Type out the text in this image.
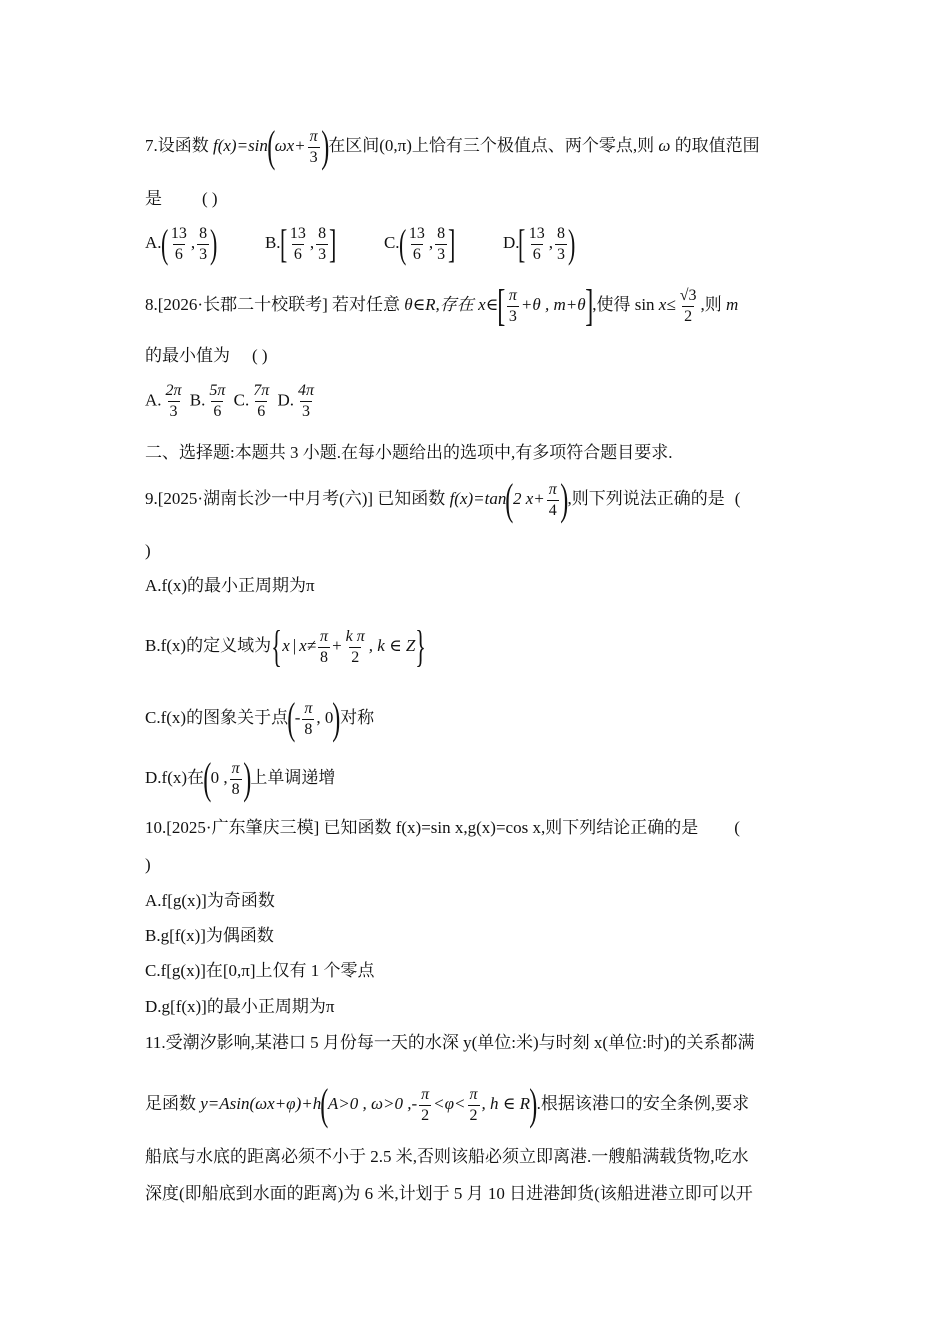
7.设函数 $f(x)=\sin(\omega x+ \frac{\pi}{3}$ )在区间(0,π)上恰有三个极值点、两个零点,则 ω 的取值范围
是 ( )
$A.( \frac{13}{6}$ , $\frac{8}{3}$ )	$B.[ \frac{13}{6}$ , $\frac{8}{3}$ ]	$C.( \frac{13}{6}$ , $\frac{8}{3}$ ]	$D.[ \frac{13}{6}$ , $\frac{8}{3}$ )
8.[2026·长郡二十校联考] 若对任意 θ∈R,存在 x∈[ $\frac{\pi}{3} +\theta$ , m+θ],使得 $\sin x\le \frac{√3}{2}$ ,则 m
的最小值为 ( )
A. $\frac{2\pi}{3} B$. $\frac{5\pi}{6} C$. $\frac{7\pi}{6} D$. $\frac{4\pi}{3}$
二、选择题:本题共 3 小题.在每小题给出的选项中,有多项符合题目要求.
9.[2025·湖南长沙一中月考(六)] 已知函数 f(x)=tan(2 $x+ \frac{\pi}{4}$ ),则下列说法正确的是 (
)
A.f(x)的最小正周期为π
B.f(x)的定义域为{x | $x\ne \frac{\pi}{8} + \frac{\text{k π}}{2}$ , k ∈ Z}
C.f(x)的图象关于点(- $\frac{\pi}{8}$ , 0)对称
D.f(x)在(0 , $\frac{\pi}{8}$ )上单调递增
10.[2025·广东肇庆三模] 已知函数 f(x)=sin x,g(x)=cos x,则下列结论正确的是 (
)
A.f[g(x)]为奇函数
B.g[f(x)]为偶函数
C.f[g(x)]在[0,π]上仅有 1 个零点
D.g[f(x)]的最小正周期为π
11.受潮汐影响,某港口 5 月份每一天的水深 y(单位:米)与时刻 x(单位:时)的关系都满
足函数 y=Asin(ωx+φ)+h(A>0 , ω>0 ,- $\frac{\pi}{2} <\varphi< \frac{\pi}{2}$ , h ∈ R).根据该港口的安全条例,要求
船底与水底的距离必须不小于 2.5 米,否则该船必须立即离港.一艘船满载货物,吃水
深度(即船底到水面的距离)为 6 米,计划于 5 月 10 日进港卸货(该船进港立即可以开
